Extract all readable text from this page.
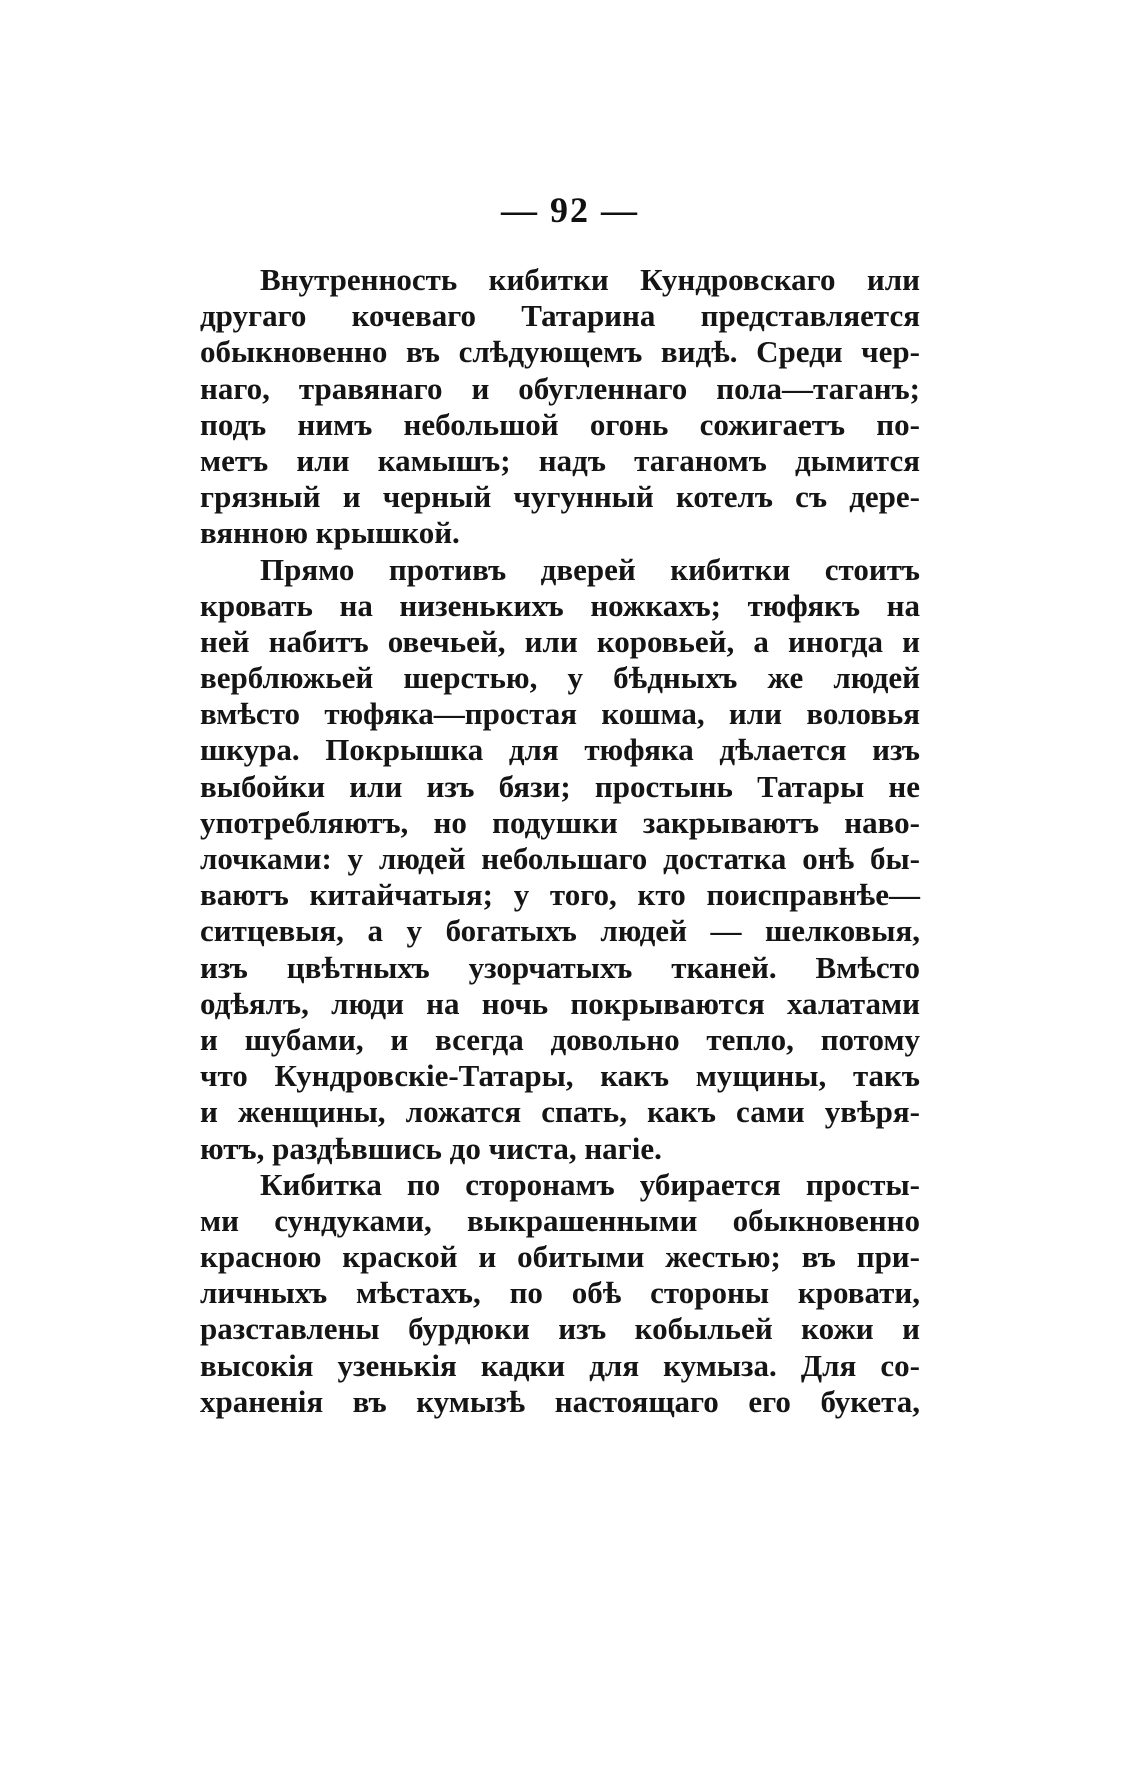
— 92 —
Внутренность кибитки Кундровскаго или
другаго кочеваго Татарина представляется
обыкновенно въ слѣдующемъ видѣ. Среди чер-
наго, травянаго и обугленнаго пола—таганъ;
подъ нимъ небольшой огонь сожигаетъ по-
метъ или камышъ; надъ таганомъ дымится
грязный и черный чугунный котелъ съ дере-
вянною крышкой.
Прямо противъ дверей кибитки стоитъ
кровать на низенькихъ ножкахъ; тюфякъ на
ней набитъ овечьей, или коровьей, а иногда и
верблюжьей шерстью, у бѣдныхъ же людей
вмѣсто тюфяка—простая кошма, или воловья
шкура. Покрышка для тюфяка дѣлается изъ
выбойки или изъ бязи; простынь Татары не
употребляютъ, но подушки закрываютъ наво-
лочками: у людей небольшаго достатка онѣ бы-
ваютъ китайчатыя; у того, кто поисправнѣе—
ситцевыя, а у богатыхъ людей — шелковыя,
изъ цвѣтныхъ узорчатыхъ тканей. Вмѣсто
одѣялъ, люди на ночь покрываются халатами
и шубами, и всегда довольно тепло, потому
что Кундровскіе-Татары, какъ мущины, такъ
и женщины, ложатся спать, какъ сами увѣря-
ютъ, раздѣвшись до чиста, нагіе.
Кибитка по сторонамъ убирается просты-
ми сундуками, выкрашенными обыкновенно
красною краской и обитыми жестью; въ при-
личныхъ мѣстахъ, по обѣ стороны кровати,
разставлены бурдюки изъ кобыльей кожи и
высокія узенькія кадки для кумыза. Для со-
храненія въ кумызѣ настоящаго его букета,
